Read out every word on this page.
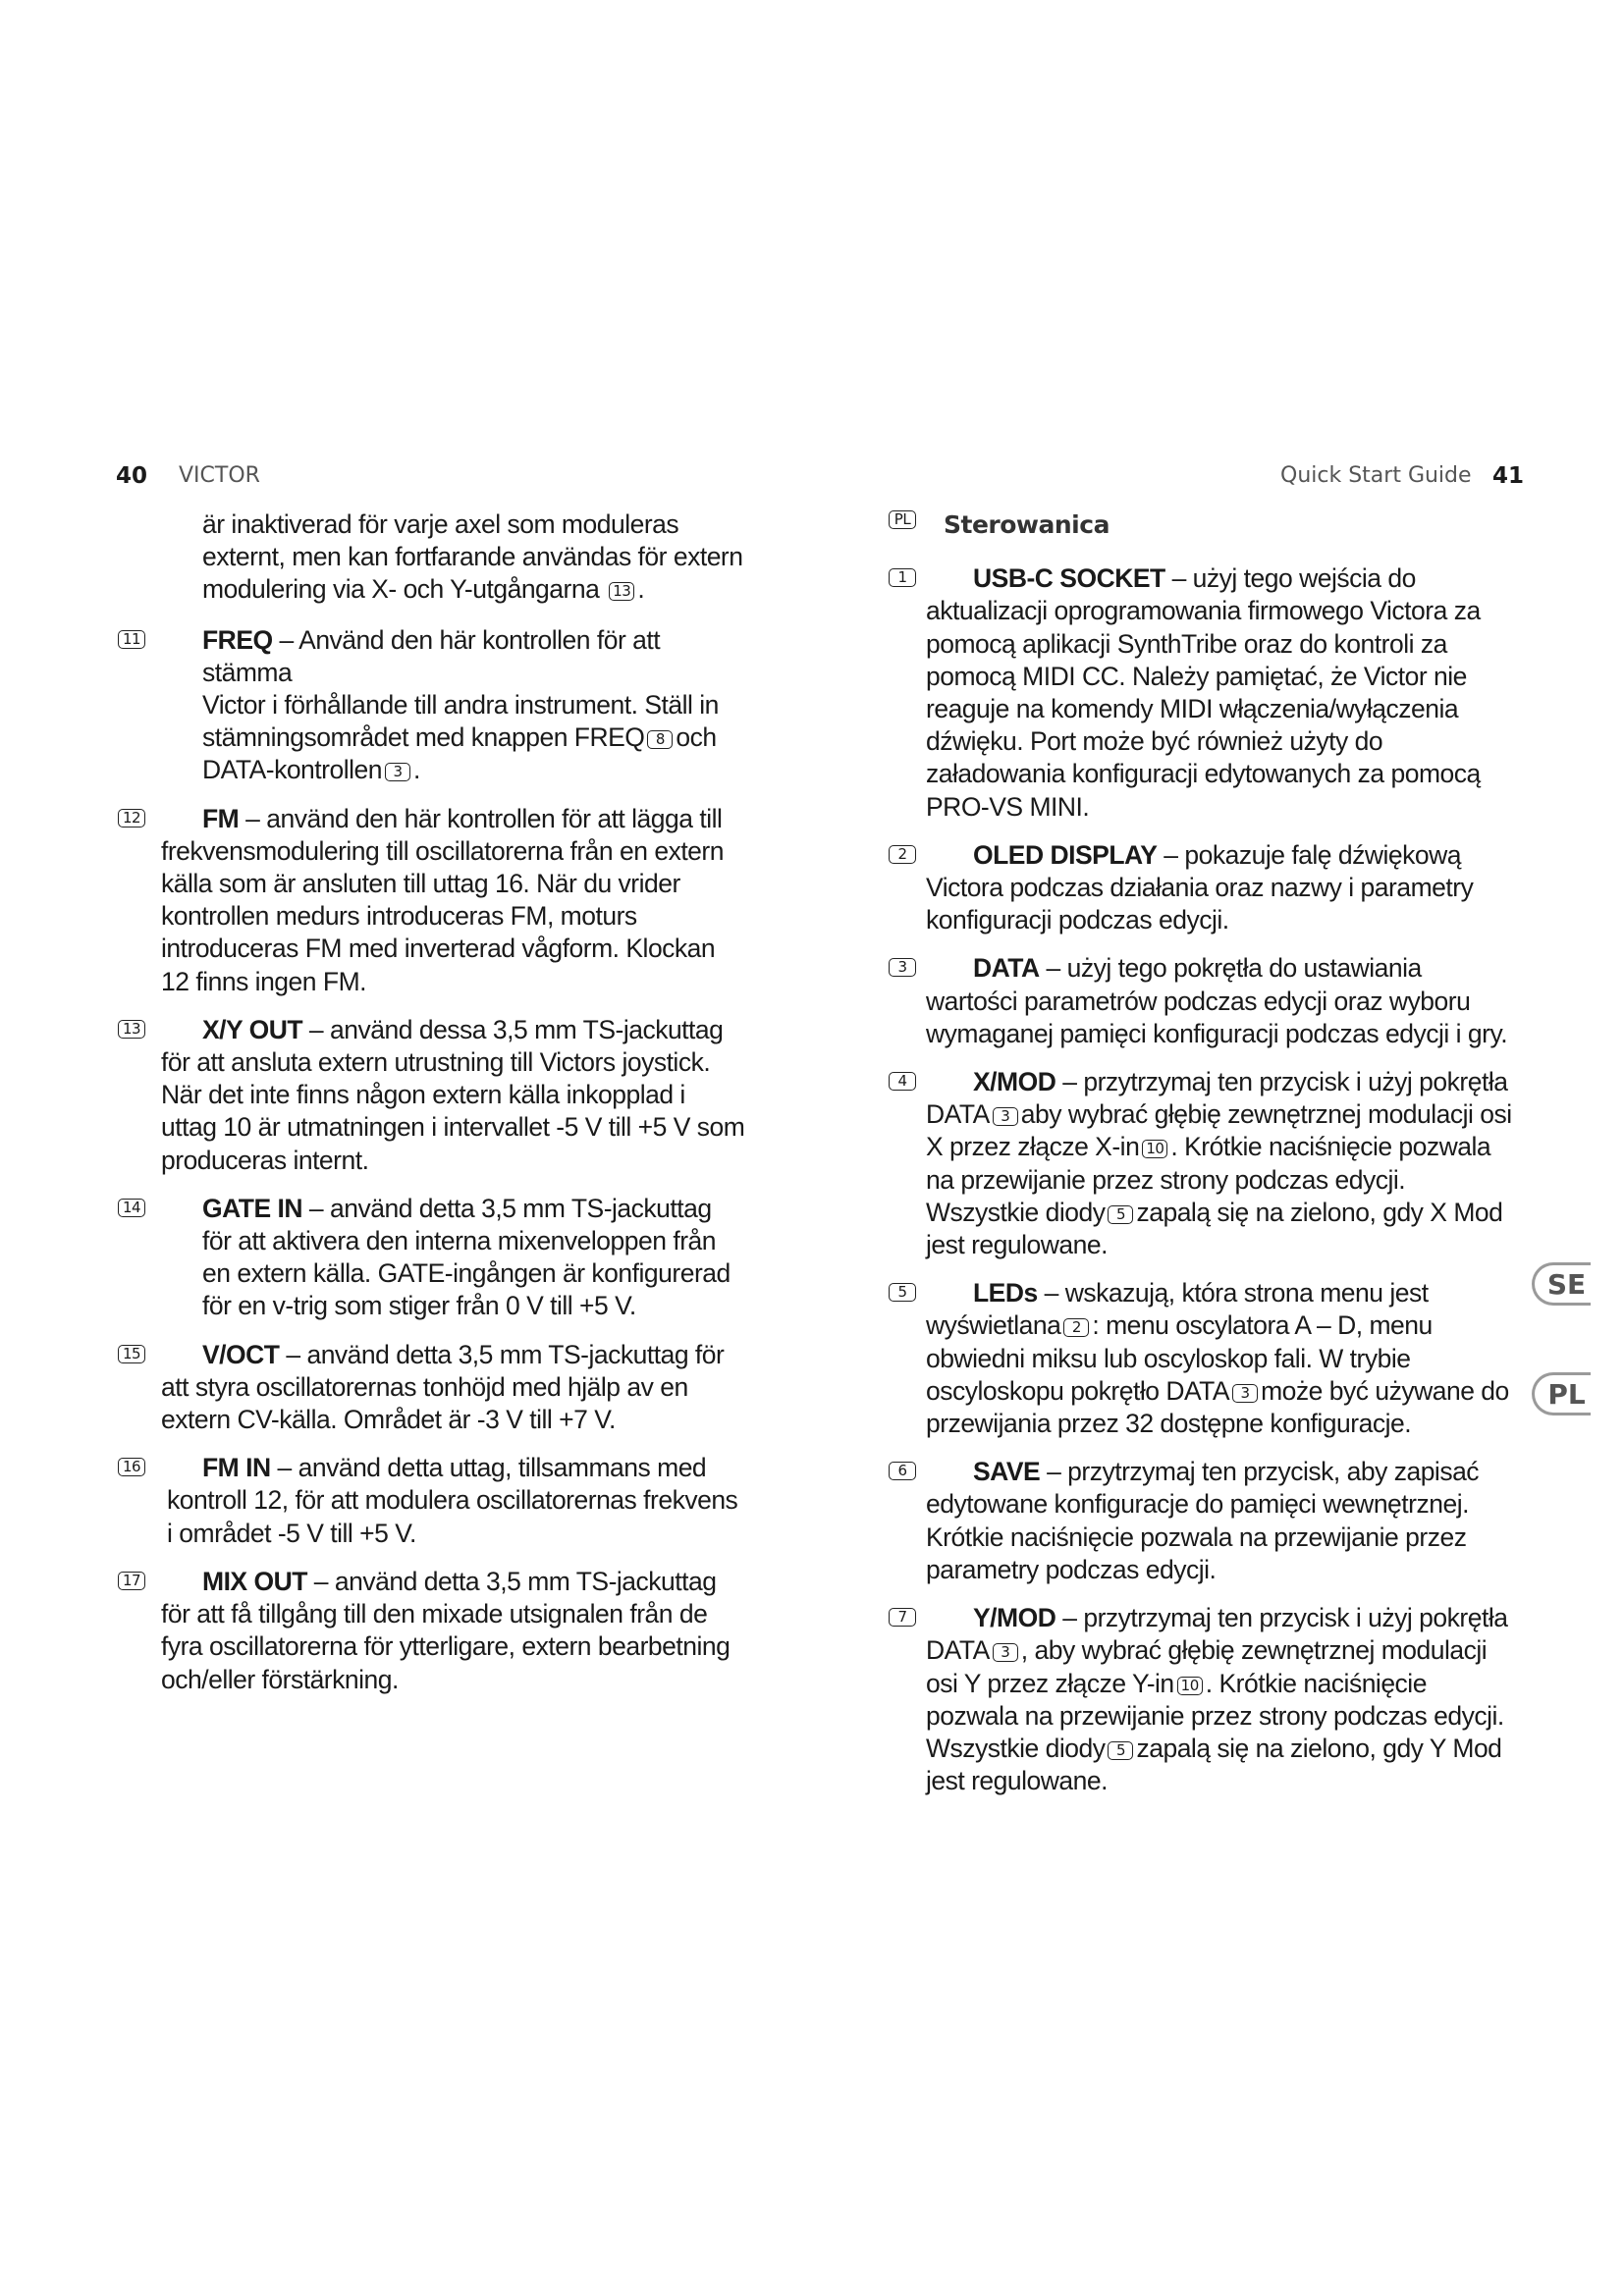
40 VICTOR	Quick Start Guide 41
är inaktiverad för varje axel som moduleras
externt, men kan fortfarande användas för extern
modulering via X- och Y-utgångarna 13 .
11 FREQ – Använd den här kontrollen för att stämma
Victor i förhållande till andra instrument. Ställ in
stämningsområdet med knappen FREQ 8 och
DATA-kontrollen 3 .
12	FM – använd den här kontrollen för att lägga till frekvensmodulering till oscillatorerna från en extern källa som är ansluten till uttag 16. När du vrider kontrollen medurs introduceras FM, moturs introduceras FM med inverterad vågform. Klockan 12 finns ingen FM.
13	X/Y OUT – använd dessa 3,5 mm TS-jackuttag för att ansluta extern utrustning till Victors joystick. När det inte finns någon extern källa inkopplad i uttag 10 är utmatningen i intervallet -5 V till +5 V som produceras internt.
14 GATE IN – använd detta 3,5 mm TS-jackuttag för att aktivera den interna mixenveloppen från en extern källa. GATE-ingången är konfigurerad för en v-trig som stiger från 0 V till +5 V.
15	V/OCT – använd detta 3,5 mm TS-jackuttag för att styra oscillatorernas tonhöjd med hjälp av en extern CV-källa. Området är -3 V till +7 V.
16	FM IN – använd detta uttag, tillsammans med kontroll 12, för att modulera oscillatorernas frekvens i området -5 V till +5 V.
17	MIX OUT – använd detta 3,5 mm TS-jackuttag för att få tillgång till den mixade utsignalen från de fyra oscillatorerna för ytterligare, extern bearbetning och/eller förstärkning.
PL Sterowanica
1	USB-C SOCKET – użyj tego wejścia do aktualizacji oprogramowania firmowego Victora za pomocą aplikacji SynthTribe oraz do kontroli za pomocą MIDI CC. Należy pamiętać, że Victor nie reaguje na komendy MIDI włączenia/wyłączenia dźwięku. Port może być również użyty do załadowania konfiguracji edytowanych za pomocą PRO-VS MINI.
2	OLED DISPLAY – pokazuje falę dźwiękową Victora podczas działania oraz nazwy i parametry konfiguracji podczas edycji.
3	DATA – użyj tego pokrętła do ustawiania wartości parametrów podczas edycji oraz wyboru wymaganej pamięci konfiguracji podczas edycji i gry.
4	X/MOD – przytrzymaj ten przycisk i użyj pokrętła DATA 3 aby wybrać głębię zewnętrznej modulacji osi X przez złącze X-in 10 . Krótkie naciśnięcie pozwala na przewijanie przez strony podczas edycji. Wszystkie diody 5 zapalą się na zielono, gdy X Mod jest regulowane.
5	LEDs – wskazują, która strona menu jest wyświetlana 2 : menu oscylatora A – D, menu obwiedni miksu lub oscyloskop fali. W trybie oscyloskopu pokrętło DATA 3 może być używane do przewijania przez 32 dostępne konfiguracje.
6	SAVE – przytrzymaj ten przycisk, aby zapisać edytowane konfiguracje do pamięci wewnętrznej. Krótkie naciśnięcie pozwala na przewijanie przez parametry podczas edycji.
7	Y/MOD – przytrzymaj ten przycisk i użyj pokrętła DATA 3 , aby wybrać głębię zewnętrznej modulacji osi Y przez złącze Y-in 10 . Krótkie naciśnięcie pozwala na przewijanie przez strony podczas edycji. Wszystkie diody 5 zapalą się na zielono, gdy Y Mod jest regulowane.
SE
PL
